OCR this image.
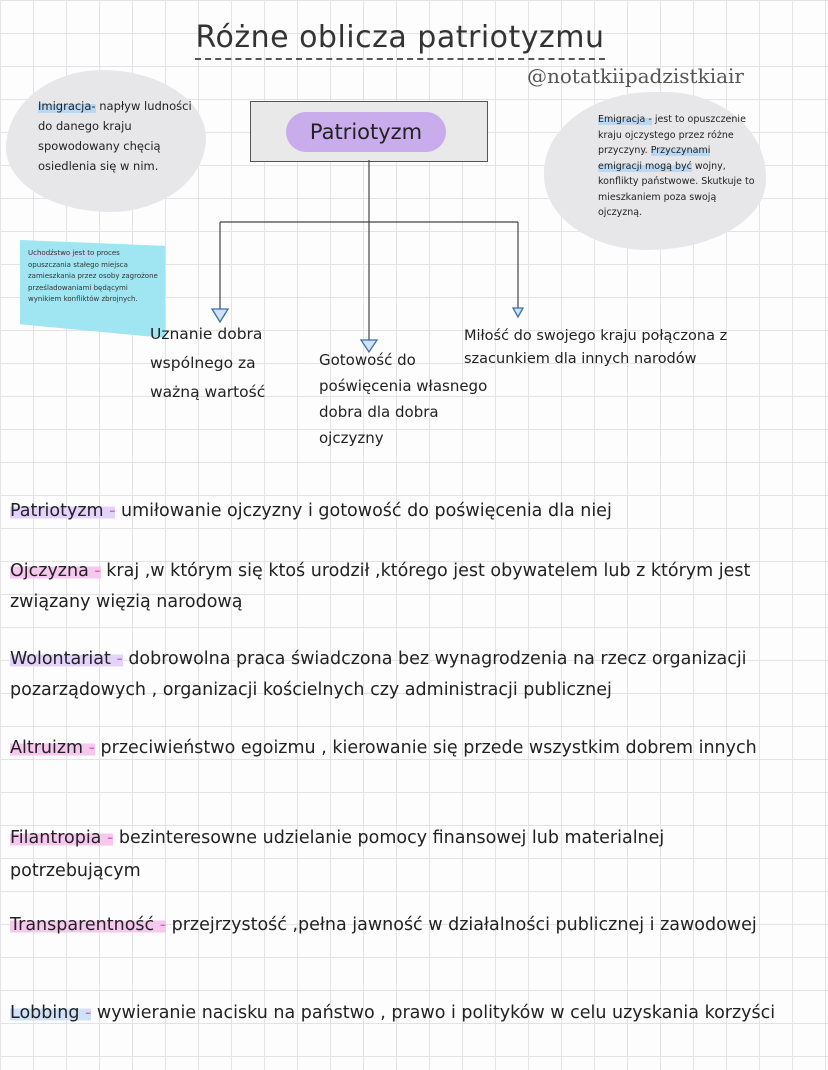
Różne oblicza patriotyzmu
@notatkiipadzistkiair
Imigracja- napływ ludności do danego kraju spowodowany chęcią osiedlenia się w nim.
Emigracja - jest to opuszczenie kraju ojczystego przez różne przyczyny. Przyczynami emigracji mogą być wojny, konflikty państwowe. Skutkuje to mieszkaniem poza swoją ojczyzną.
Uchodźstwo jest to proces opuszczania stałego miejsca zamieszkania przez osoby zagrożone prześladowaniami będącymi wynikiem konfliktów zbrojnych.
Patriotyzm
Uznanie dobra wspólnego za ważną wartość
Gotowość do poświęcenia własnego dobra dla dobra ojczyzny
Miłość do swojego kraju połączona z szacunkiem dla innych narodów
Patriotyzm - umiłowanie ojczyzny i gotowość do poświęcenia dla niej
Ojczyzna - kraj ,w którym się ktoś urodził ,którego jest obywatelem lub z którym jest związany więzią narodową
Wolontariat - dobrowolna praca świadczona bez wynagrodzenia na rzecz organizacji pozarządowych , organizacji kościelnych czy administracji publicznej
Altruizm - przeciwieństwo egoizmu , kierowanie się przede wszystkim dobrem innych
Filantropia - bezinteresowne udzielanie pomocy finansowej lub materialnej potrzebującym
Transparentność - przejrzystość ,pełna jawność w działalności publicznej i zawodowej
Lobbing - wywieranie nacisku na państwo , prawo i polityków w celu uzyskania korzyści
